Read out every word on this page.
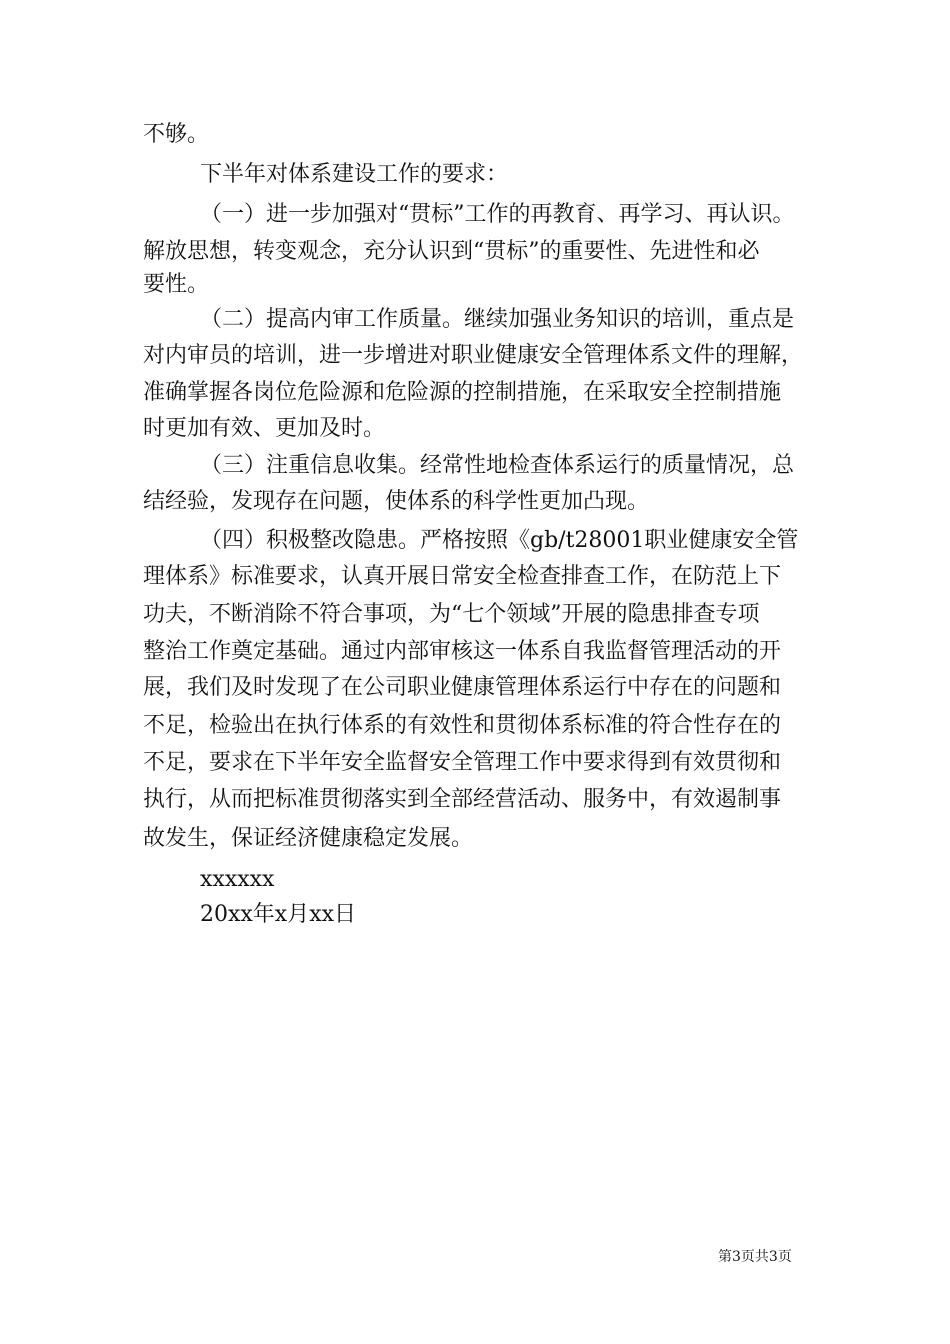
不够。
下半年对体系建设工作的要求：
（一）进一步加强对“贯标”工作的再教育、再学习、再认识。
解放思想，转变观念，充分认识到“贯标”的重要性、先进性和必
要性。
（二）提高内审工作质量。继续加强业务知识的培训，重点是
对内审员的培训，进一步增进对职业健康安全管理体系文件的理解，
准确掌握各岗位危险源和危险源的控制措施，在采取安全控制措施
时更加有效、更加及时。
（三）注重信息收集。经常性地检查体系运行的质量情况，总
结经验，发现存在问题，使体系的科学性更加凸现。
（四）积极整改隐患。严格按照《gb/t28001职业健康安全管
理体系》标准要求，认真开展日常安全检查排查工作，在防范上下
功夫，不断消除不符合事项，为“七个领域”开展的隐患排查专项
整治工作奠定基础。通过内部审核这一体系自我监督管理活动的开
展，我们及时发现了在公司职业健康管理体系运行中存在的问题和
不足，检验出在执行体系的有效性和贯彻体系标准的符合性存在的
不足，要求在下半年安全监督安全管理工作中要求得到有效贯彻和
执行，从而把标准贯彻落实到全部经营活动、服务中，有效遏制事
故发生，保证经济健康稳定发展。
xxxxxx
20xx年x月xx日
第3页共3页
